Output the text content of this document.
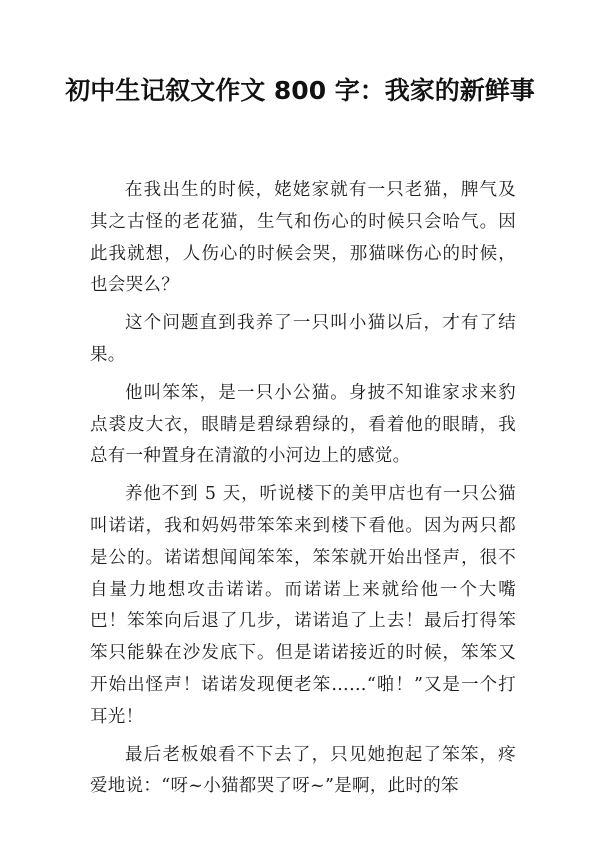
初中生记叙文作文 800 字：我家的新鲜事

在我出生的时候，姥姥家就有一只老猫，脾气及其之古怪的老花猫，生气和伤心的时候只会哈气。因此我就想，人伤心的时候会哭，那猫咪伤心的时候，也会哭么？

这个问题直到我养了一只叫小猫以后，才有了结果。

他叫笨笨，是一只小公猫。身披不知谁家求来豹点裘皮大衣，眼睛是碧绿碧绿的，看着他的眼睛，我总有一种置身在清澈的小河边上的感觉。

养他不到 5 天，听说楼下的美甲店也有一只公猫叫诺诺，我和妈妈带笨笨来到楼下看他。因为两只都是公的。诺诺想闻闻笨笨，笨笨就开始出怪声，很不自量力地想攻击诺诺。而诺诺上来就给他一个大嘴巴！笨笨向后退了几步，诺诺追了上去！最后打得笨笨只能躲在沙发底下。但是诺诺接近的时候，笨笨又开始出怪声！诺诺发现便老笨……“啪！”又是一个打耳光！

最后老板娘看不下去了，只见她抱起了笨笨，疼爱地说：“呀~小猫都哭了呀~”是啊，此时的笨
